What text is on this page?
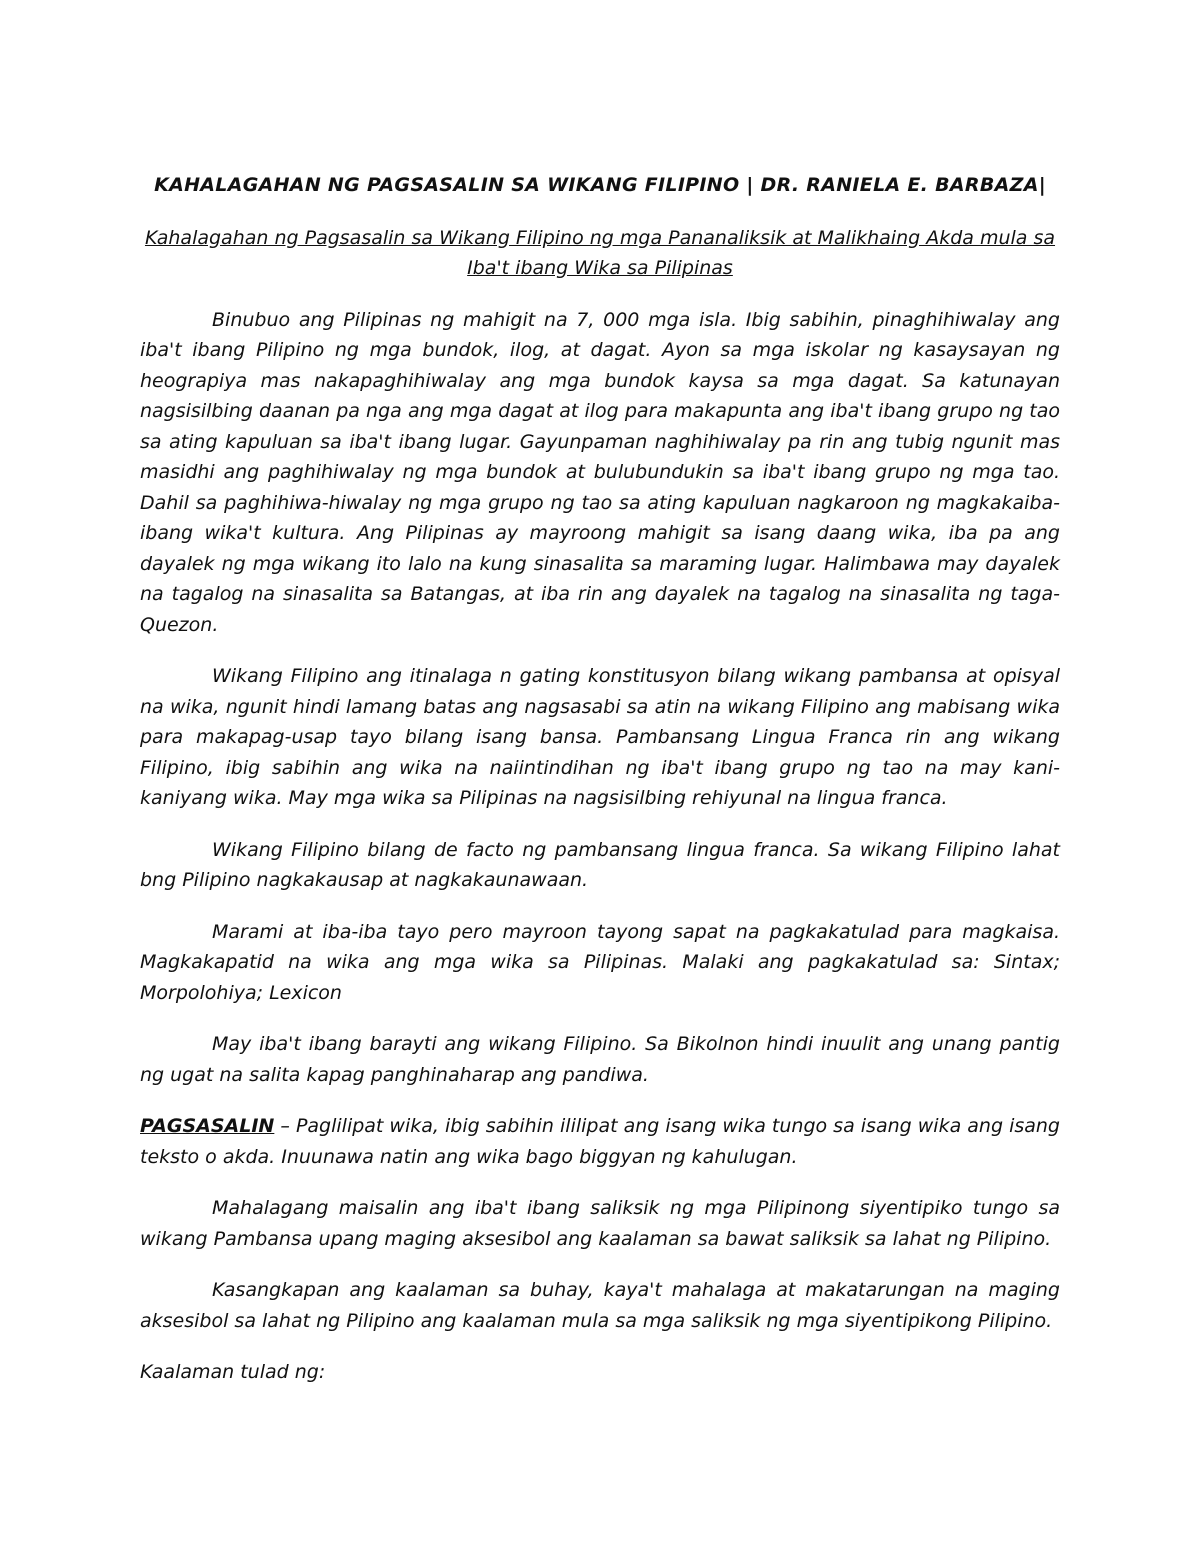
KAHALAGAHAN NG PAGSASALIN SA WIKANG FILIPINO | DR. RANIELA E. BARBAZA|
Kahalagahan ng Pagsasalin sa Wikang Filipino ng mga Pananaliksik at Malikhaing Akda mula sa Iba't ibang Wika sa Pilipinas

Binubuo ang Pilipinas ng mahigit na 7, 000 mga isla. Ibig sabihin, pinaghihiwalay ang iba't ibang Pilipino ng mga bundok, ilog, at dagat. Ayon sa mga iskolar ng kasaysayan ng heograpiya mas nakapaghihiwalay ang mga bundok kaysa sa mga dagat. Sa katunayan nagsisilbing daanan pa nga ang mga dagat at ilog para makapunta ang iba't ibang grupo ng tao sa ating kapuluan sa iba't ibang lugar. Gayunpaman naghihiwalay pa rin ang tubig ngunit mas masidhi ang paghihiwalay ng mga bundok at bulubundukin sa iba't ibang grupo ng mga tao. Dahil sa paghihiwa-hiwalay ng mga grupo ng tao sa ating kapuluan nagkaroon ng magkakaiba-ibang wika't kultura. Ang Pilipinas ay mayroong mahigit sa isang daang wika, iba pa ang dayalek ng mga wikang ito lalo na kung sinasalita sa maraming lugar. Halimbawa may dayalek na tagalog na sinasalita sa Batangas, at iba rin ang dayalek na tagalog na sinasalita ng taga-Quezon.

Wikang Filipino ang itinalaga n gating konstitusyon bilang wikang pambansa at opisyal na wika, ngunit hindi lamang batas ang nagsasabi sa atin na wikang Filipino ang mabisang wika para makapag-usap tayo bilang isang bansa. Pambansang Lingua Franca rin ang wikang Filipino, ibig sabihin ang wika na naiintindihan ng iba't ibang grupo ng tao na may kani-kaniyang wika. May mga wika sa Pilipinas na nagsisilbing rehiyunal na lingua franca.

Wikang Filipino bilang de facto ng pambansang lingua franca. Sa wikang Filipino lahat bng Pilipino nagkakausap at nagkakaunawaan.

Marami at iba-iba tayo pero mayroon tayong sapat na pagkakatulad para magkaisa. Magkakapatid na wika ang mga wika sa Pilipinas. Malaki ang pagkakatulad sa: Sintax; Morpolohiya; Lexicon

May iba't ibang barayti ang wikang Filipino. Sa Bikolnon hindi inuulit ang unang pantig ng ugat na salita kapag panghinaharap ang pandiwa.

PAGSASALIN – Paglilipat wika, ibig sabihin ililipat ang isang wika tungo sa isang wika ang isang teksto o akda. Inuunawa natin ang wika bago biggyan ng kahulugan.

Mahalagang maisalin ang iba't ibang saliksik ng mga Pilipinong siyentipiko tungo sa wikang Pambansa upang maging aksesibol ang kaalaman sa bawat saliksik sa lahat ng Pilipino.

Kasangkapan ang kaalaman sa buhay, kaya't mahalaga at makatarungan na maging aksesibol sa lahat ng Pilipino ang kaalaman mula sa mga saliksik ng mga siyentipikong Pilipino.

Kaalaman tulad ng:
